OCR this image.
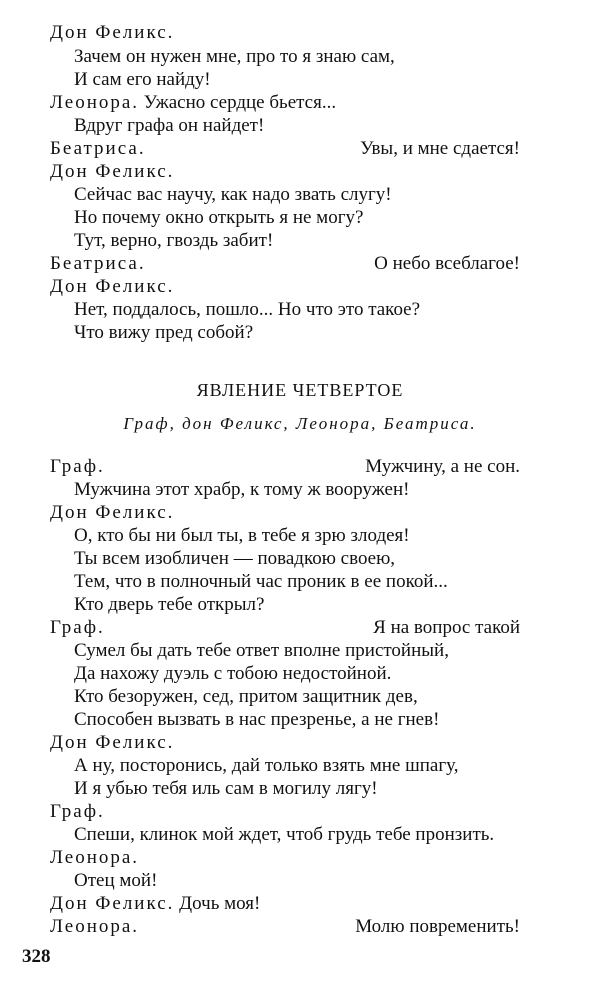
Дон Феликс.
Зачем он нужен мне, про то я знаю сам,
И сам его найду!
Леонора. Ужасно сердце бьется...
Вдруг графа он найдет!
Беатриса.	Увы, и мне сдается!
Дон Феликс.
Сейчас вас научу, как надо звать слугу!
Но почему окно открыть я не могу?
Тут, верно, гвоздь забит!
Беатриса.	О небо всеблагое!
Дон Феликс.
Нет, поддалось, пошло... Но что это такое?
Что вижу пред собой?
ЯВЛЕНИЕ ЧЕТВЕРТОЕ
Граф, дон Феликс, Леонора, Беатриса.
Граф.	Мужчину, а не сон.
Мужчина этот храбр, к тому ж вооружен!
Дон Феликс.
О, кто бы ни был ты, в тебе я зрю злодея!
Ты всем изобличен — повадкою своею,
Тем, что в полночный час проник в ее покой...
Кто дверь тебе открыл?
Граф.	Я на вопрос такой
Сумел бы дать тебе ответ вполне пристойный,
Да нахожу дуэль с тобою недостойной.
Кто безоружен, сед, притом защитник дев,
Способен вызвать в нас презренье, а не гнев!
Дон Феликс.
А ну, посторонись, дай только взять мне шпагу,
И я убью тебя иль сам в могилу лягу!
Граф.
Спеши, клинок мой ждет, чтоб грудь тебе пронзить.
Леонора.
Отец мой!
Дон Феликс. Дочь моя!
Леонора.	Молю повременить!
328
